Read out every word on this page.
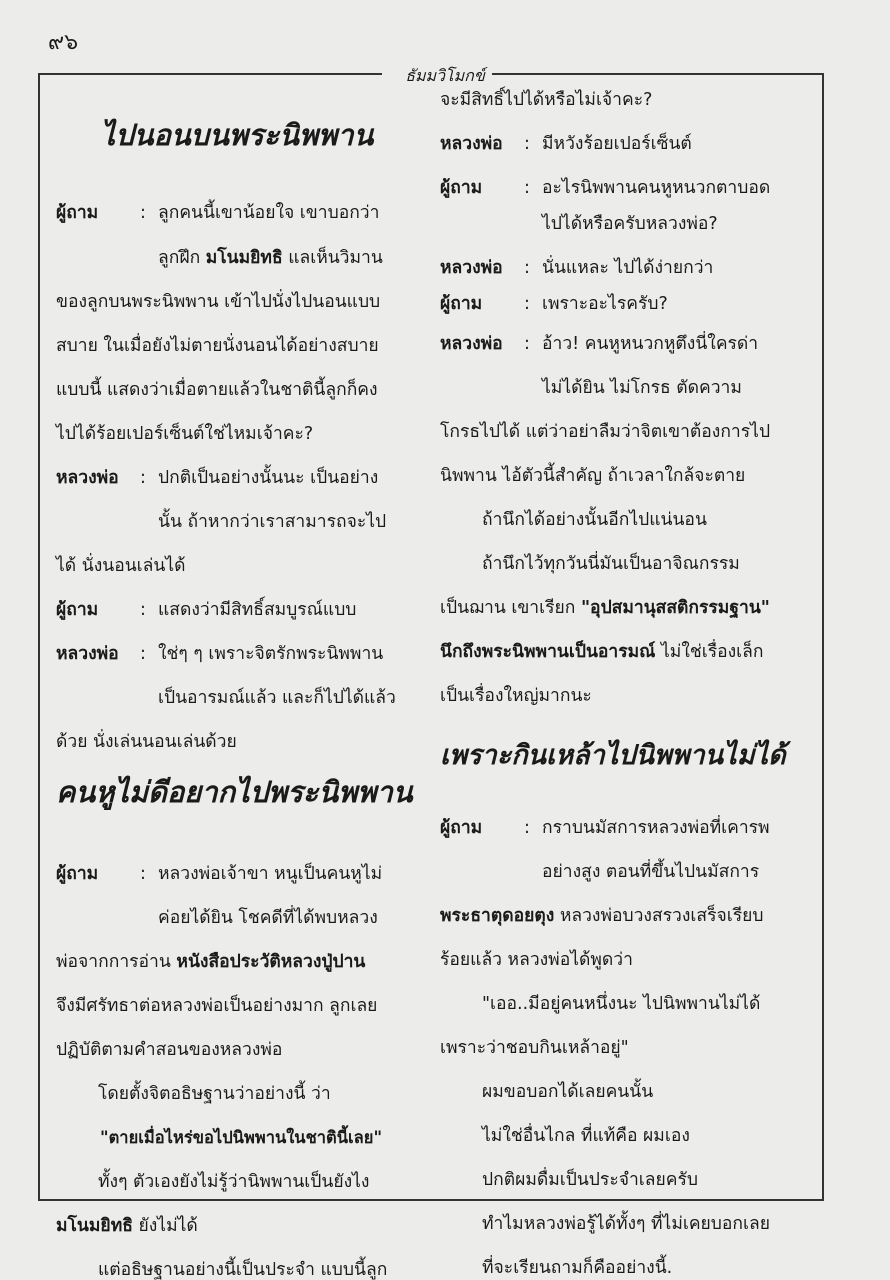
๙๖
ธัมมวิโมกข์
ไปนอนบนพระนิพพาน
ผู้ถาม : ลูกคนนี้เขาน้อยใจ เขาบอกว่า
ลูกฝึก มโนมยิทธิ แลเห็นวิมาน
ของลูกบนพระนิพพาน เข้าไปนั่งไปนอนแบบ
สบาย ในเมื่อยังไม่ตายนั่งนอนได้อย่างสบาย
แบบนี้ แสดงว่าเมื่อตายแล้วในชาตินี้ลูกก็คง
ไปได้ร้อยเปอร์เซ็นต์ใช่ไหมเจ้าคะ?
หลวงพ่อ : ปกติเป็นอย่างนั้นนะ เป็นอย่าง
นั้น ถ้าหากว่าเราสามารถจะไป
ได้ นั่งนอนเล่นได้
ผู้ถาม : แสดงว่ามีสิทธิ์สมบูรณ์แบบ
หลวงพ่อ : ใช่ๆ ๆ เพราะจิตรักพระนิพพาน
เป็นอารมณ์แล้ว และก็ไปได้แล้ว
ด้วย นั่งเล่นนอนเล่นด้วย
คนหูไม่ดีอยากไปพระนิพพาน
ผู้ถาม : หลวงพ่อเจ้าขา หนูเป็นคนหูไม่
ค่อยได้ยิน โชคดีที่ได้พบหลวง
พ่อจากการอ่าน หนังสือประวัติหลวงปู่ปาน
จึงมีศรัทธาต่อหลวงพ่อเป็นอย่างมาก ลูกเลย
ปฏิบัติตามคำสอนของหลวงพ่อ
โดยตั้งจิตอธิษฐานว่าอย่างนี้ ว่า
"ตายเมื่อไหร่ขอไปนิพพานในชาตินี้เลย"
ทั้งๆ ตัวเองยังไม่รู้ว่านิพพานเป็นยังไง
มโนมยิทธิ ยังไม่ได้
แต่อธิษฐานอย่างนี้เป็นประจำ แบบนี้ลูก
จะมีสิทธิ์ไปได้หรือไม่เจ้าคะ?
หลวงพ่อ : มีหวังร้อยเปอร์เซ็นต์
ผู้ถาม : อะไรนิพพานคนหูหนวกตาบอด
ไปได้หรือครับหลวงพ่อ?
หลวงพ่อ : นั่นแหละ ไปได้ง่ายกว่า
ผู้ถาม : เพราะอะไรครับ?
หลวงพ่อ : อ้าว! คนหูหนวกหูตึงนี่ใครด่า
ไม่ได้ยิน ไม่โกรธ ตัดความ
โกรธไปได้ แต่ว่าอย่าลืมว่าจิตเขาต้องการไป
นิพพาน ไอ้ตัวนี้สำคัญ ถ้าเวลาใกล้จะตาย
ถ้านึกได้อย่างนั้นอีกไปแน่นอน
ถ้านึกไว้ทุกวันนี่มันเป็นอาจิณกรรม
เป็นฌาน เขาเรียก "อุปสมานุสสติกรรมฐาน"
นึกถึงพระนิพพานเป็นอารมณ์ ไม่ใช่เรื่องเล็ก
เป็นเรื่องใหญ่มากนะ
เพราะกินเหล้าไปนิพพานไม่ได้
ผู้ถาม : กราบนมัสการหลวงพ่อที่เคารพ
อย่างสูง ตอนที่ขึ้นไปนมัสการ
พระธาตุดอยตุง หลวงพ่อบวงสรวงเสร็จเรียบ
ร้อยแล้ว หลวงพ่อได้พูดว่า
"เออ..มีอยู่คนหนึ่งนะ ไปนิพพานไม่ได้
เพราะว่าชอบกินเหล้าอยู่"
ผมขอบอกได้เลยคนนั้น
ไม่ใช่อื่นไกล ที่แท้คือ ผมเอง
ปกติผมดื่มเป็นประจำเลยครับ
ทำไมหลวงพ่อรู้ได้ทั้งๆ ที่ไม่เคยบอกเลย
ที่จะเรียนถามก็คืออย่างนี้.
